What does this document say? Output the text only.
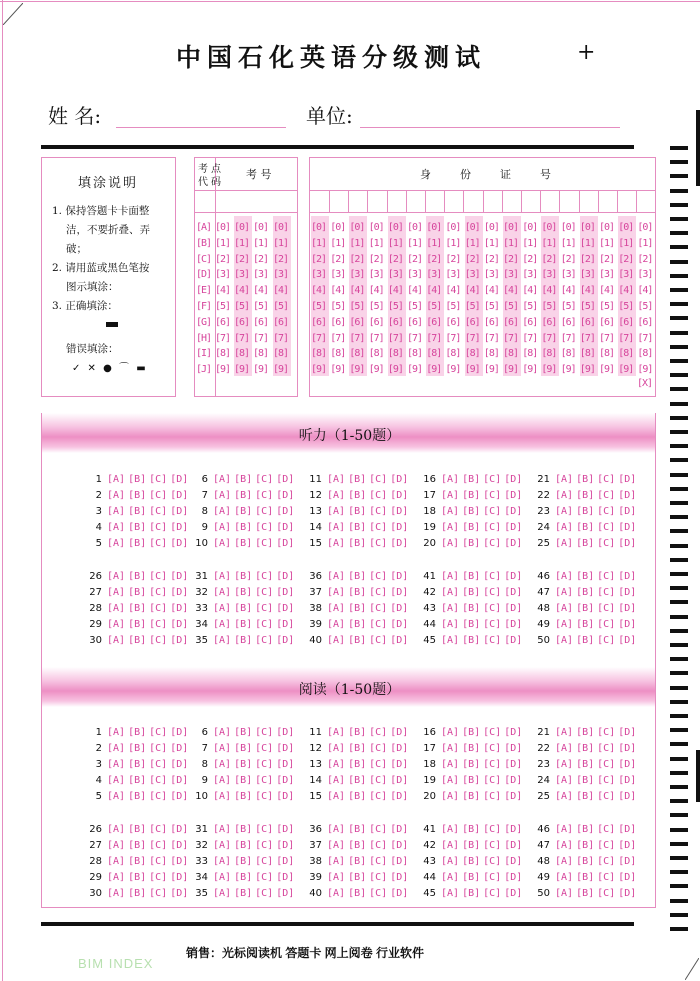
中国石化英语分级测试	+
姓 名:	单位:
填涂说明
1. 保持答题卡卡面整
洁，不要折叠、弄
破；
2. 请用蓝或黑色笔按
图示填涂：
3. 正确填涂：
错误填涂：
✓ ✕ ● ⌒ ▬
考点
代码
考 号	身    份    证    号
[X]
听力（1-50题）
阅读（1-50题）
销售：光标阅读机 答题卡 网上阅卷 行业软件
BIM INDEX
[A] [0] [0] [0] [0]
[B] [1] [1] [1] [1]
[C] [2] [2] [2] [2]
[D] [3] [3] [3] [3]
[E] [4] [4] [4] [4]
[F] [5] [5] [5] [5]
[G] [6] [6] [6] [6]
[H] [7] [7] [7] [7]
[I] [8] [8] [8] [8]
[J] [9] [9] [9] [9]
[0] [0] [0] [0] [0] [0] [0] [0] [0] [0] [0] [0] [0] [0] [0] [0] [0] [0]
[1] [1] [1] [1] [1] [1] [1] [1] [1] [1] [1] [1] [1] [1] [1] [1] [1] [1]
[2] [2] [2] [2] [2] [2] [2] [2] [2] [2] [2] [2] [2] [2] [2] [2] [2] [2]
[3] [3] [3] [3] [3] [3] [3] [3] [3] [3] [3] [3] [3] [3] [3] [3] [3] [3]
[4] [4] [4] [4] [4] [4] [4] [4] [4] [4] [4] [4] [4] [4] [4] [4] [4] [4]
[5] [5] [5] [5] [5] [5] [5] [5] [5] [5] [5] [5] [5] [5] [5] [5] [5] [5]
[6] [6] [6] [6] [6] [6] [6] [6] [6] [6] [6] [6] [6] [6] [6] [6] [6] [6]
[7] [7] [7] [7] [7] [7] [7] [7] [7] [7] [7] [7] [7] [7] [7] [7] [7] [7]
[8] [8] [8] [8] [8] [8] [8] [8] [8] [8] [8] [8] [8] [8] [8] [8] [8] [8]
[9] [9] [9] [9] [9] [9] [9] [9] [9] [9] [9] [9] [9] [9] [9] [9] [9] [9]
1 [A] [B] [C] [D]
2 [A] [B] [C] [D]
3 [A] [B] [C] [D]
4 [A] [B] [C] [D]
5 [A] [B] [C] [D]
6 [A] [B] [C] [D]
7 [A] [B] [C] [D]
8 [A] [B] [C] [D]
9 [A] [B] [C] [D]
10 [A] [B] [C] [D]
11 [A] [B] [C] [D]
12 [A] [B] [C] [D]
13 [A] [B] [C] [D]
14 [A] [B] [C] [D]
15 [A] [B] [C] [D]
16 [A] [B] [C] [D]
17 [A] [B] [C] [D]
18 [A] [B] [C] [D]
19 [A] [B] [C] [D]
20 [A] [B] [C] [D]
21 [A] [B] [C] [D]
22 [A] [B] [C] [D]
23 [A] [B] [C] [D]
24 [A] [B] [C] [D]
25 [A] [B] [C] [D]
26 [A] [B] [C] [D]
27 [A] [B] [C] [D]
28 [A] [B] [C] [D]
29 [A] [B] [C] [D]
30 [A] [B] [C] [D]
31 [A] [B] [C] [D]
32 [A] [B] [C] [D]
33 [A] [B] [C] [D]
34 [A] [B] [C] [D]
35 [A] [B] [C] [D]
36 [A] [B] [C] [D]
37 [A] [B] [C] [D]
38 [A] [B] [C] [D]
39 [A] [B] [C] [D]
40 [A] [B] [C] [D]
41 [A] [B] [C] [D]
42 [A] [B] [C] [D]
43 [A] [B] [C] [D]
44 [A] [B] [C] [D]
45 [A] [B] [C] [D]
46 [A] [B] [C] [D]
47 [A] [B] [C] [D]
48 [A] [B] [C] [D]
49 [A] [B] [C] [D]
50 [A] [B] [C] [D]
1 [A] [B] [C] [D]
2 [A] [B] [C] [D]
3 [A] [B] [C] [D]
4 [A] [B] [C] [D]
5 [A] [B] [C] [D]
6 [A] [B] [C] [D]
7 [A] [B] [C] [D]
8 [A] [B] [C] [D]
9 [A] [B] [C] [D]
10 [A] [B] [C] [D]
11 [A] [B] [C] [D]
12 [A] [B] [C] [D]
13 [A] [B] [C] [D]
14 [A] [B] [C] [D]
15 [A] [B] [C] [D]
16 [A] [B] [C] [D]
17 [A] [B] [C] [D]
18 [A] [B] [C] [D]
19 [A] [B] [C] [D]
20 [A] [B] [C] [D]
21 [A] [B] [C] [D]
22 [A] [B] [C] [D]
23 [A] [B] [C] [D]
24 [A] [B] [C] [D]
25 [A] [B] [C] [D]
26 [A] [B] [C] [D]
27 [A] [B] [C] [D]
28 [A] [B] [C] [D]
29 [A] [B] [C] [D]
30 [A] [B] [C] [D]
31 [A] [B] [C] [D]
32 [A] [B] [C] [D]
33 [A] [B] [C] [D]
34 [A] [B] [C] [D]
35 [A] [B] [C] [D]
36 [A] [B] [C] [D]
37 [A] [B] [C] [D]
38 [A] [B] [C] [D]
39 [A] [B] [C] [D]
40 [A] [B] [C] [D]
41 [A] [B] [C] [D]
42 [A] [B] [C] [D]
43 [A] [B] [C] [D]
44 [A] [B] [C] [D]
45 [A] [B] [C] [D]
46 [A] [B] [C] [D]
47 [A] [B] [C] [D]
48 [A] [B] [C] [D]
49 [A] [B] [C] [D]
50 [A] [B] [C] [D]
